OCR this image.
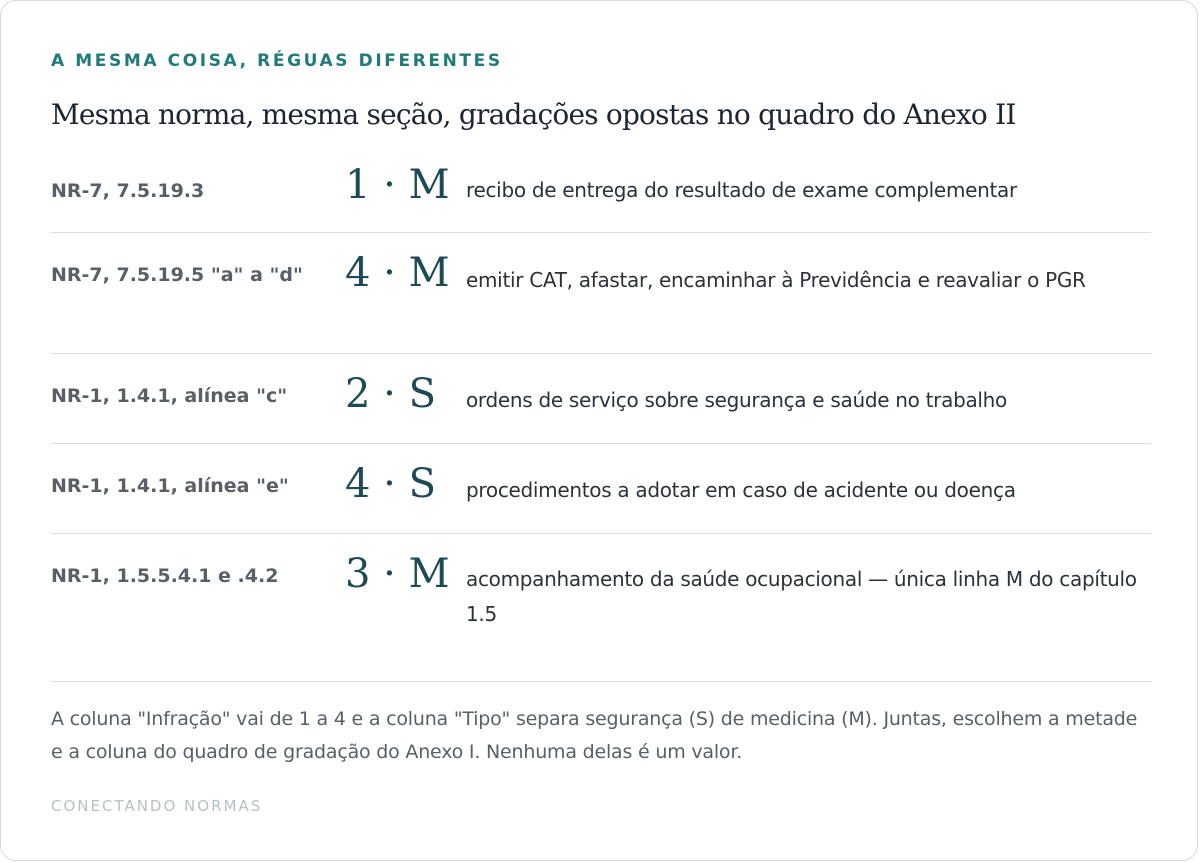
A MESMA COISA, RÉGUAS DIFERENTES
Mesma norma, mesma seção, gradações opostas no quadro do Anexo II
NR-7, 7.5.19.3	1 · M recibo de entrega do resultado de exame complementar
NR-7, 7.5.19.5 "a" a "d" 4 · M emitir CAT, afastar, encaminhar à Previdência e reavaliar o PGR
NR-1, 1.4.1, alínea "c" 2 · S ordens de serviço sobre segurança e saúde no trabalho
NR-1, 1.4.1, alínea "e" 4 · S procedimentos a adotar em caso de acidente ou doença
NR-1, 1.5.5.4.1 e .4.2 3 · M acompanhamento da saúde ocupacional — única linha M do capítulo 1.5
A coluna "Infração" vai de 1 a 4 e a coluna "Tipo" separa segurança (S) de medicina (M). Juntas, escolhem a metade e a coluna do quadro de gradação do Anexo I. Nenhuma delas é um valor.
CONECTANDO NORMAS
